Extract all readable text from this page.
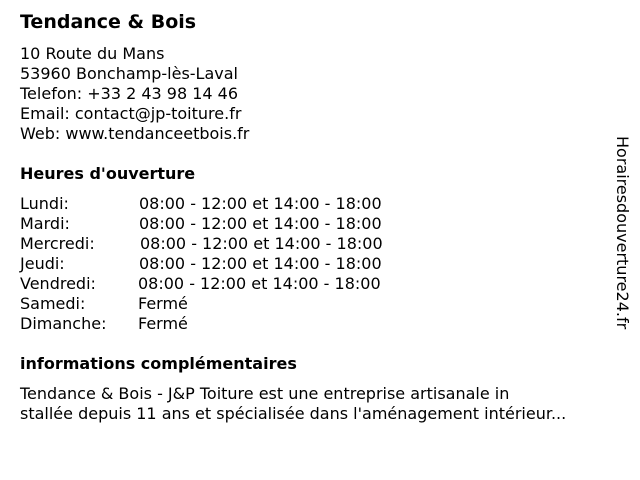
Tendance & Bois
10 Route du Mans
53960 Bonchamp-lès-Laval
Telefon: +33 2 43 98 14 46
Email: contact@jp-toiture.fr
Web: www.tendanceetbois.fr
Heures d'ouverture
Lundi:	08:00 - 12:00 et 14:00 - 18:00
Mardi:	08:00 - 12:00 et 14:00 - 18:00
Mercredi:	08:00 - 12:00 et 14:00 - 18:00
Jeudi:	08:00 - 12:00 et 14:00 - 18:00
Vendredi:	08:00 - 12:00 et 14:00 - 18:00
Samedi:	Fermé
Dimanche: Fermé
informations complémentaires
Tendance & Bois - J&P Toiture est une entreprise artisanale in
stallée depuis 11 ans et spécialisée dans l'aménagement intérieur...
Horairesdouverture24.fr
